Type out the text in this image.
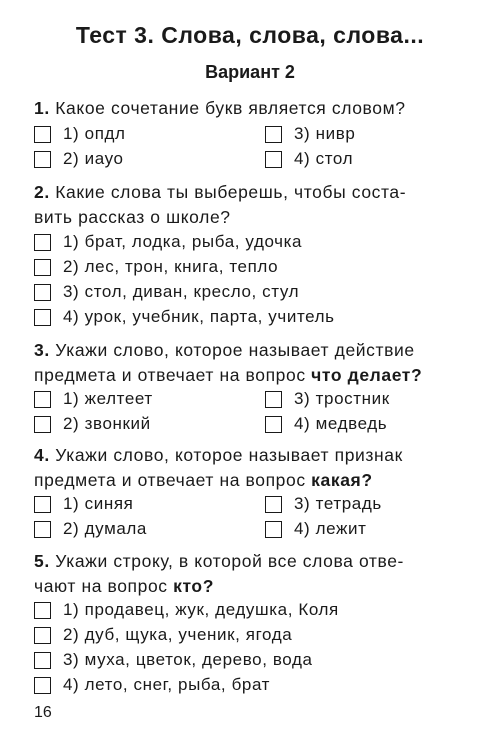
Тест 3. Слова, слова, слова...
Вариант 2
1. Какое сочетание букв является словом?
1) опдл
2) иауо
3) нивр
4) стол
2. Какие слова ты выберешь, чтобы соста-
вить рассказ о школе?
1) брат, лодка, рыба, удочка
2) лес, трон, книга, тепло
3) стол, диван, кресло, стул
4) урок, учебник, парта, учитель
3. Укажи слово, которое называет действие
предмета и отвечает на вопрос что делает?
1) желтеет
2) звонкий
3) тростник
4) медведь
4. Укажи слово, которое называет признак
предмета и отвечает на вопрос какая?
1) синяя
2) думала
3) тетрадь
4) лежит
5. Укажи строку, в которой все слова отве-
чают на вопрос кто?
1) продавец, жук, дедушка, Коля
2) дуб, щука, ученик, ягода
3) муха, цветок, дерево, вода
4) лето, снег, рыба, брат
16
